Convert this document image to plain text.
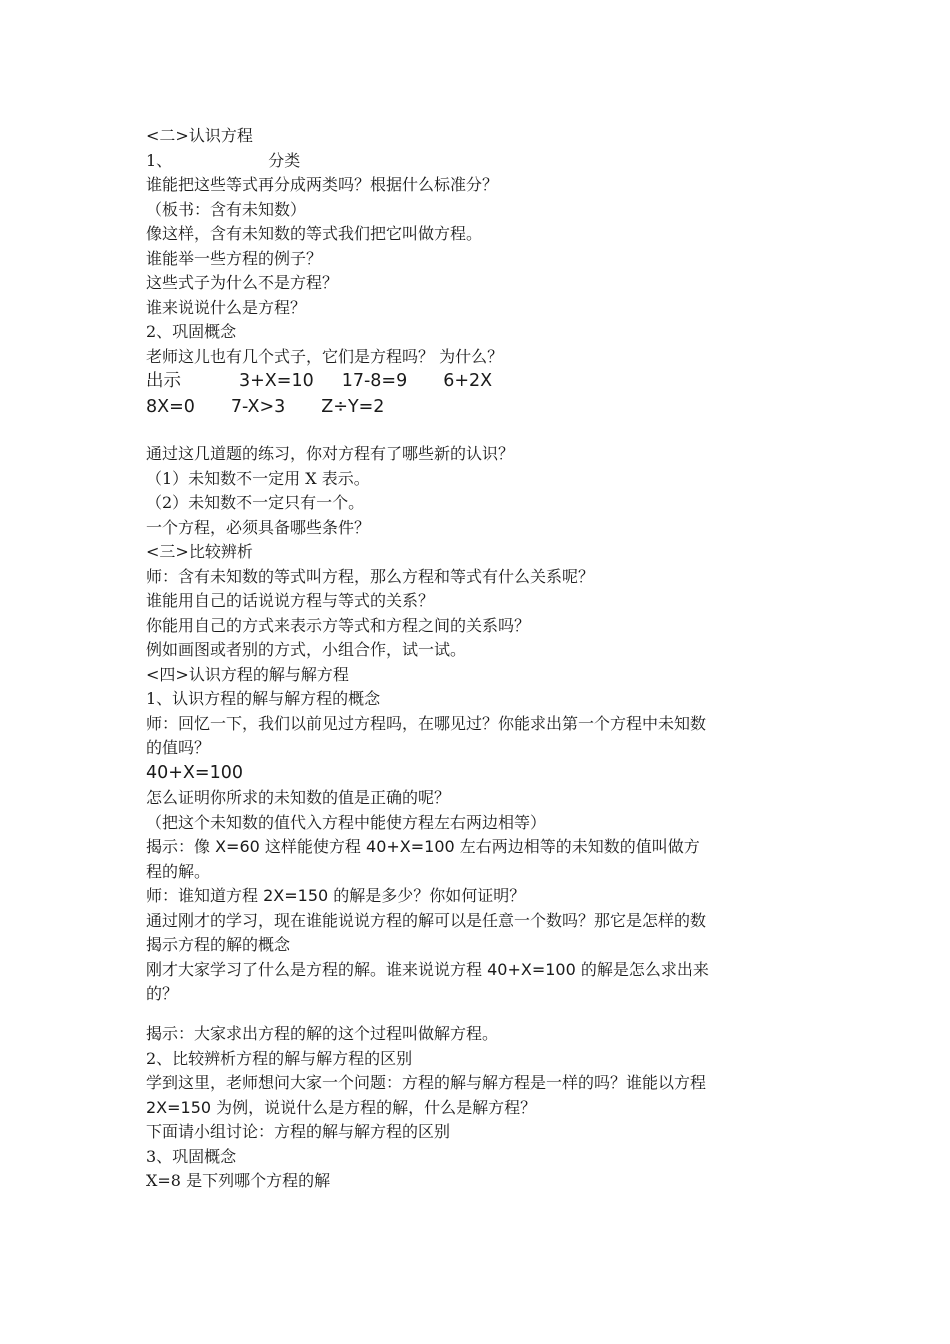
<二>认识方程
1、	分类
谁能把这些等式再分成两类吗？根据什么标准分？
（板书：含有未知数）
像这样，含有未知数的等式我们把它叫做方程。
谁能举一些方程的例子？
这些式子为什么不是方程？
谁来说说什么是方程？
2、巩固概念
老师这儿也有几个式子，它们是方程吗？ 为什么？
出示	3+X=10 17-8=9 6+2X
8X=0 7-X>3 Z÷Y=2
通过这几道题的练习，你对方程有了哪些新的认识？
（1）未知数不一定用 X 表示。
（2）未知数不一定只有一个。
一个方程，必须具备哪些条件？
<三>比较辨析
师：含有未知数的等式叫方程，那么方程和等式有什么关系呢？
谁能用自己的话说说方程与等式的关系？
你能用自己的方式来表示方等式和方程之间的关系吗？
例如画图或者别的方式，小组合作，试一试。
<四>认识方程的解与解方程
1、认识方程的解与解方程的概念
师：回忆一下，我们以前见过方程吗，在哪见过？你能求出第一个方程中未知数
的值吗？
40+X=100
怎么证明你所求的未知数的值是正确的呢？
（把这个未知数的值代入方程中能使方程左右两边相等）
揭示：像 X=60 这样能使方程 40+X=100 左右两边相等的未知数的值叫做方
程的解。
师：谁知道方程 2X=150 的解是多少？你如何证明？
通过刚才的学习，现在谁能说说方程的解可以是任意一个数吗？那它是怎样的数
揭示方程的解的概念
刚才大家学习了什么是方程的解。谁来说说方程 40+X=100 的解是怎么求出来
的？
揭示：大家求出方程的解的这个过程叫做解方程。
2、比较辨析方程的解与解方程的区别
学到这里，老师想问大家一个问题：方程的解与解方程是一样的吗？谁能以方程
2X=150 为例，说说什么是方程的解，什么是解方程？
下面请小组讨论：方程的解与解方程的区别
3、巩固概念
X=8 是下列哪个方程的解
